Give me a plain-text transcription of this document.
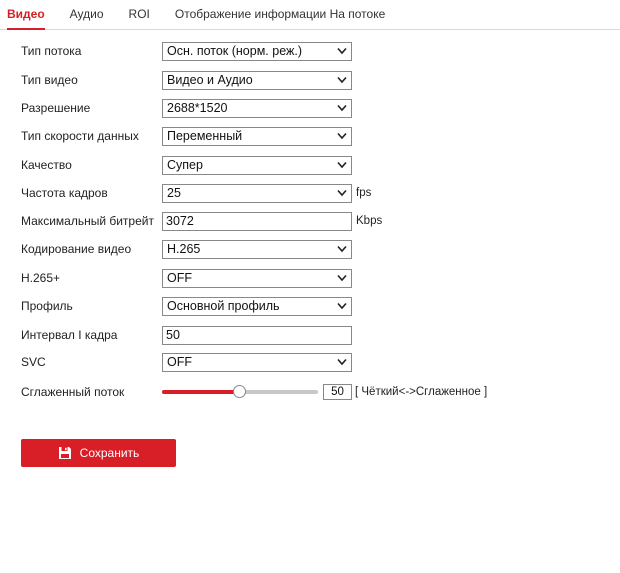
Видео Аудио ROI Отображение информации На потоке
Тип потока	Осн. поток (норм. реж.)
Тип видео	Видео и Аудио
Разрешение	2688*1520
Тип скорости данных	Переменный
Качество	Супер
Частота кадров	25	fps
Максимальный битрейт 3072	Kbps
Кодирование видео	H.265
H.265+	OFF
Профиль	Основной профиль
Интервал I кадра	50
SVC	OFF
Сглаженный поток	50 [ Чёткий<->Сглаженное ]
Сохранить
